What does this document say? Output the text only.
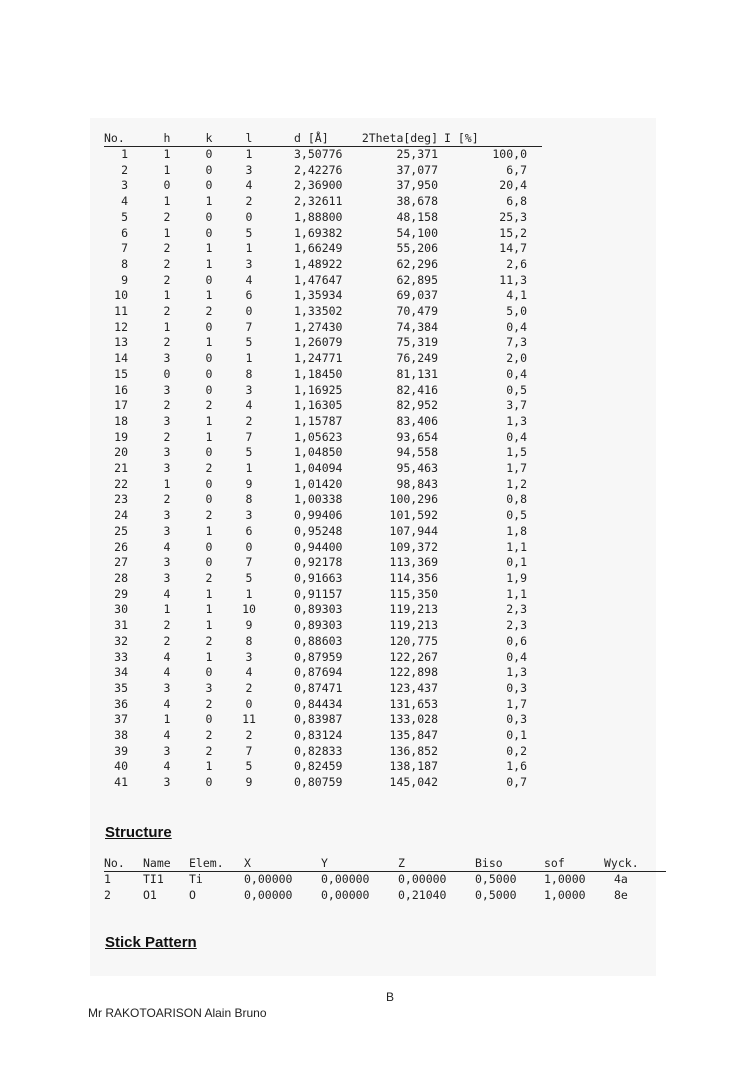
No.		h		k		l		d [Å]	2Theta[deg]	I [%]	
1		1		0		1		3,50776	25,371	100,0	
2		1		0		3		2,42276	37,077	6,7	
3		0		0		4		2,36900	37,950	20,4	
4		1		1		2		2,32611	38,678	6,8	
5		2		0		0		1,88800	48,158	25,3	
6		1		0		5		1,69382	54,100	15,2	
7		2		1		1		1,66249	55,206	14,7	
8		2		1		3		1,48922	62,296	2,6	
9		2		0		4		1,47647	62,895	11,3	
10		1		1		6		1,35934	69,037	4,1	
11		2		2		0		1,33502	70,479	5,0	
12		1		0		7		1,27430	74,384	0,4	
13		2		1		5		1,26079	75,319	7,3	
14		3		0		1		1,24771	76,249	2,0	
15		0		0		8		1,18450	81,131	0,4	
16		3		0		3		1,16925	82,416	0,5	
17		2		2		4		1,16305	82,952	3,7	
18		3		1		2		1,15787	83,406	1,3	
19		2		1		7		1,05623	93,654	0,4	
20		3		0		5		1,04850	94,558	1,5	
21		3		2		1		1,04094	95,463	1,7	
22		1		0		9		1,01420	98,843	1,2	
23		2		0		8		1,00338	100,296	0,8	
24		3		2		3		0,99406	101,592	0,5	
25		3		1		6		0,95248	107,944	1,8	
26		4		0		0		0,94400	109,372	1,1	
27		3		0		7		0,92178	113,369	0,1	
28		3		2		5		0,91663	114,356	1,9	
29		4		1		1		0,91157	115,350	1,1	
30		1		1		10		0,89303	119,213	2,3	
31		2		1		9		0,89303	119,213	2,3	
32		2		2		8		0,88603	120,775	0,6	
33		4		1		3		0,87959	122,267	0,4	
34		4		0		4		0,87694	122,898	1,3	
35		3		3		2		0,87471	123,437	0,3	
36		4		2		0		0,84434	131,653	1,7	
37		1		0		11		0,83987	133,028	0,3	
38		4		2		2		0,83124	135,847	0,1	
39		3		2		7		0,82833	136,852	0,2	
40		4		1		5		0,82459	138,187	1,6	
41		3		0		9		0,80759	145,042	0,7	
Structure
No.	Name	Elem.	X	Y	Z	Biso	sof	Wyck.
1	TI1	Ti	0,00000	0,00000	0,00000	0,5000	1,0000	4a
2	O1	O	0,00000	0,00000	0,21040	0,5000	1,0000	8e
Stick Pattern
B
Mr RAKOTOARISON Alain Bruno
